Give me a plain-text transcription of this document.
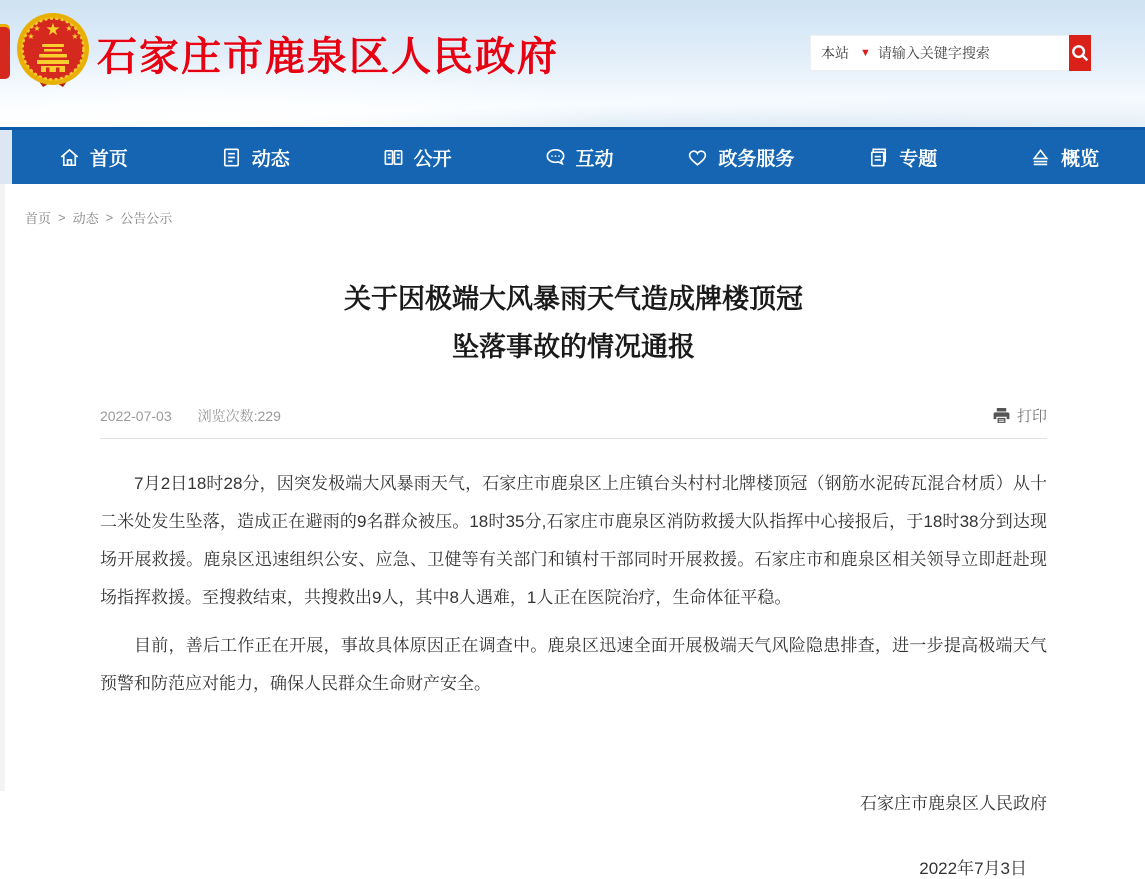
★
★	★
★	★ 石家庄市鹿泉区人民政府	本站 ▼
请输入关键字搜索
首页	动态	公开	互动	政务服务	专题	概览
首页 > 动态 > 公告公示
关于因极端大风暴雨天气造成牌楼顶冠
坠落事故的情况通报
2022-07-03 浏览次数:229	打印

7月2日18时28分，因突发极端大风暴雨天气，石家庄市鹿泉区上庄镇台头村村北牌楼顶冠（钢筋水泥砖瓦混合材质）从十二米处发生坠落，造成正在避雨的9名群众被压。18时35分,石家庄市鹿泉区消防救援大队指挥中心接报后，于18时38分到达现场开展救援。鹿泉区迅速组织公安、应急、卫健等有关部门和镇村干部同时开展救援。石家庄市和鹿泉区相关领导立即赶赴现场指挥救援。至搜救结束，共搜救出9人，其中8人遇难，1人正在医院治疗，生命体征平稳。

目前，善后工作正在开展，事故具体原因正在调查中。鹿泉区迅速全面开展极端天气风险隐患排查，进一步提高极端天气预警和防范应对能力，确保人民群众生命财产安全。

石家庄市鹿泉区人民政府
2022年7月3日
